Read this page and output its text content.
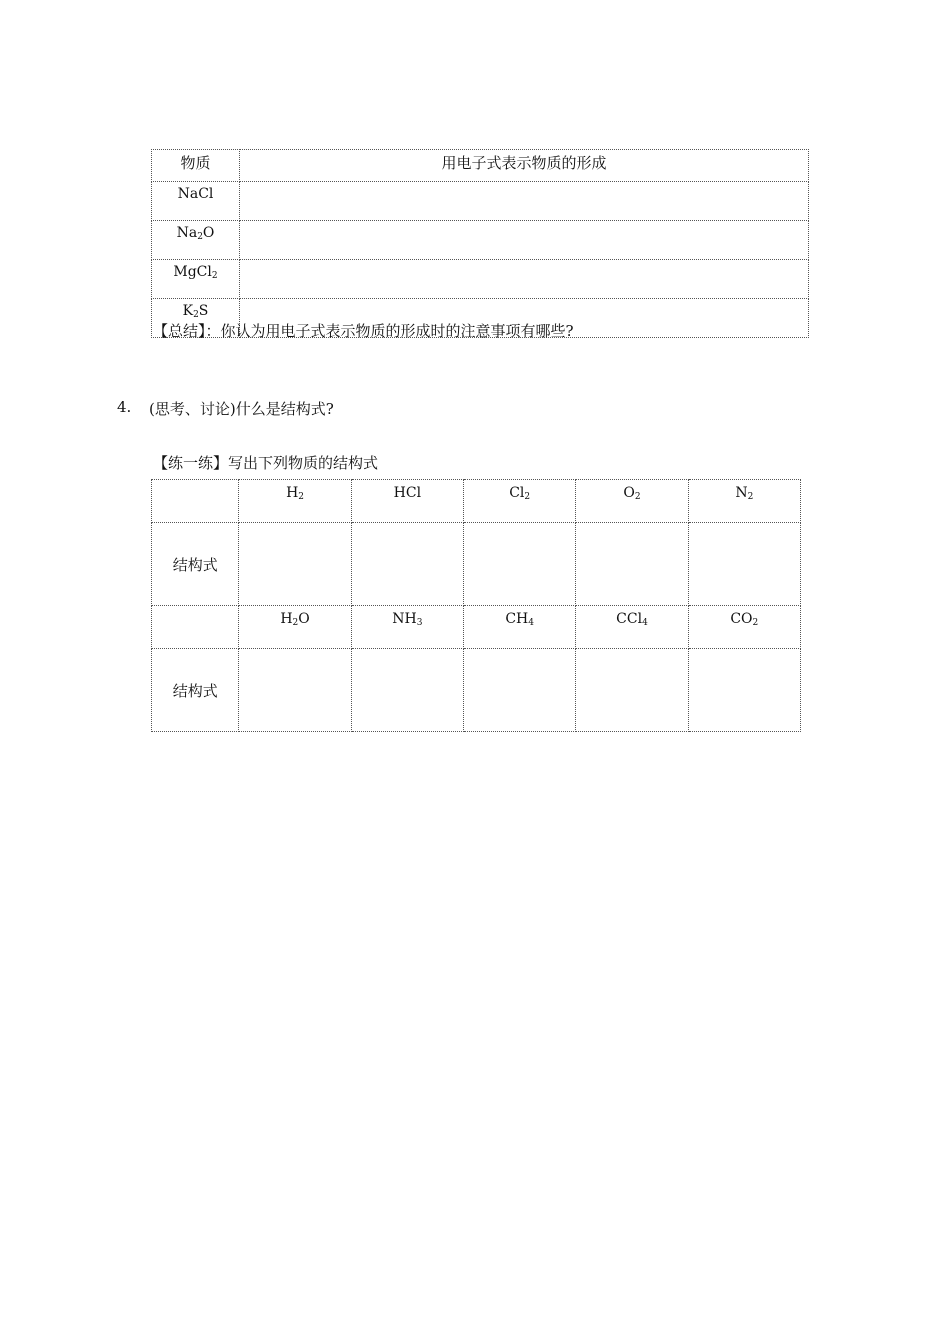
物质	用电子式表示物质的形成
NaCl	
$Na_2O$	
MgCl$_2$	
$K_2S$	
【总结】：你认为用电子式表示物质的形成时的注意事项有哪些?
4. (思考、讨论)什么是结构式?
【练一练】写出下列物质的结构式
	$H_2$	HCl	$Cl_2$	$O_2$	$N_2$
结构式					
	$H_2O$	$NH_3$	$CH_4$	CCl$_4$	$CO_2$
结构式					
